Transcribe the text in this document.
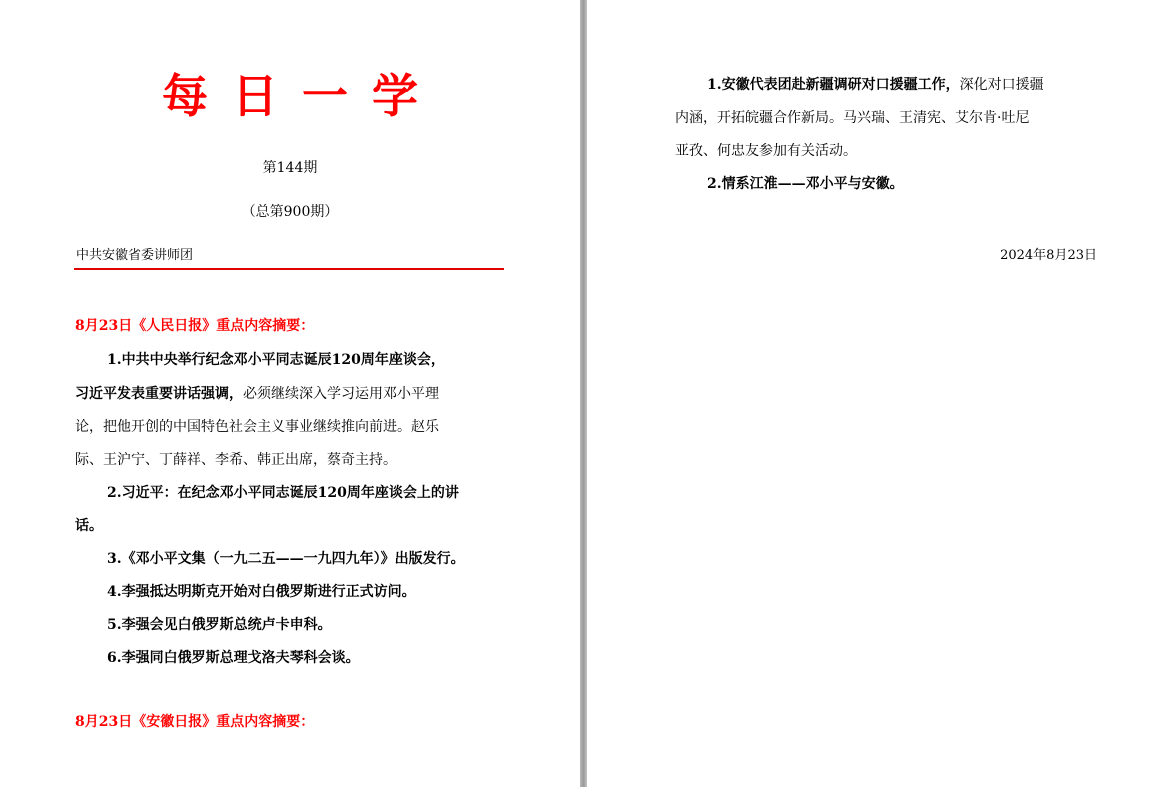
每日一学
第144期
（总第900期）
中共安徽省委讲师团	2024年8月23日
8月23日《人民日报》重点内容摘要：
1.中共中央举行纪念邓小平同志诞辰120周年座谈会，
习近平发表重要讲话强调，必须继续深入学习运用邓小平理
论，把他开创的中国特色社会主义事业继续推向前进。赵乐
际、王沪宁、丁薛祥、李希、韩正出席，蔡奇主持。
2.习近平：在纪念邓小平同志诞辰120周年座谈会上的讲
话。
3.《邓小平文集（一九二五——一九四九年）》出版发行。
4.李强抵达明斯克开始对白俄罗斯进行正式访问。
5.李强会见白俄罗斯总统卢卡申科。
6.李强同白俄罗斯总理戈洛夫琴科会谈。
8月23日《安徽日报》重点内容摘要：
1.安徽代表团赴新疆调研对口援疆工作，深化对口援疆
内涵，开拓皖疆合作新局。马兴瑞、王清宪、艾尔肯·吐尼
亚孜、何忠友参加有关活动。
2.情系江淮——邓小平与安徽。
